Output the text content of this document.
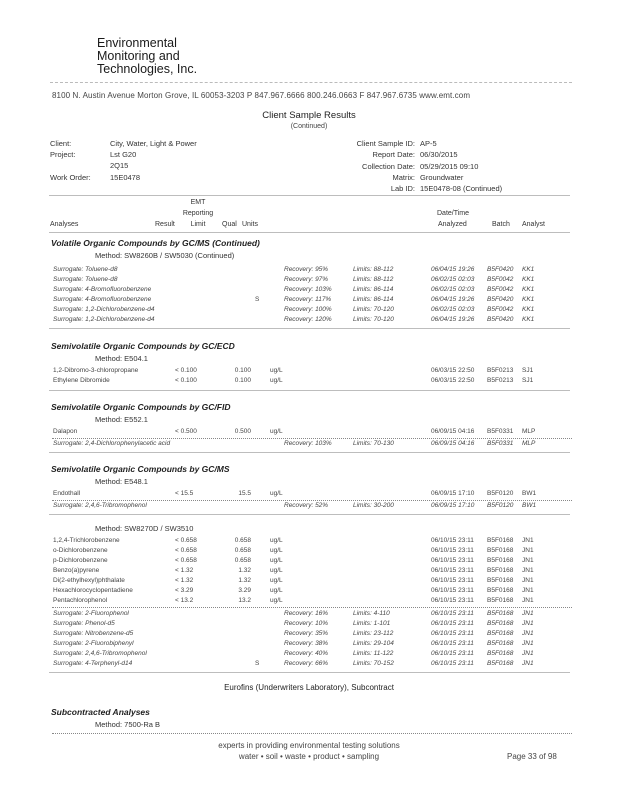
Environmental
Monitoring and
Technologies, Inc.
8100 N. Austin Avenue Morton Grove, IL 60053-3203 P 847.967.6666 800.246.0663 F 847.967.6735 www.emt.com
Client Sample Results
(Continued)
Client:	City, Water, Light & Power
Project:	Lst G20
2Q15
Work Order:	15E0478
Client Sample ID: AP-5
Report Date: 06/30/2015
Collection Date: 05/29/2015 09:10
Matrix: Groundwater
Lab ID: 15E0478-08 (Continued)
EMT
Reporting
Limit
Analyses	Result	Qual Units
Date/Time
Analyzed	Batch Analyst
Volatile Organic Compounds by GC/MS (Continued)
Method: SW8260B / SW5030 (Continued)
Surrogate: Toluene-d8	Recovery: 95%	Limits: 88-112	06/04/15 19:26 B5F0420 KK1
Surrogate: Toluene-d8	Recovery: 97%	Limits: 88-112	06/02/15 02:03 B5F0042 KK1
Surrogate: 4-Bromofluorobenzene	Recovery: 103%	Limits: 86-114	06/02/15 02:03 B5F0042 KK1
Surrogate: 4-Bromofluorobenzene	S	Recovery: 117%	Limits: 86-114	06/04/15 19:26 B5F0420 KK1
Surrogate: 1,2-Dichlorobenzene-d4	Recovery: 100%	Limits: 70-120	06/02/15 02:03 B5F0042 KK1
Surrogate: 1,2-Dichlorobenzene-d4	Recovery: 120%	Limits: 70-120	06/04/15 19:26 B5F0420 KK1
Semivolatile Organic Compounds by GC/ECD
Method: E504.1
1,2-Dibromo-3-chloropropane	< 0.100	0.100	ug/L	06/03/15 22:50 B5F0213 SJ1
Ethylene Dibromide	< 0.100	0.100	ug/L	06/03/15 22:50 B5F0213 SJ1
Semivolatile Organic Compounds by GC/FID
Method: E552.1
Dalapon	< 0.500	0.500	ug/L	06/09/15 04:16 B5F0331 MLP
Surrogate: 2,4-Dichlorophenylacetic acid	Recovery: 103%	Limits: 70-130	06/09/15 04:16 B5F0331 MLP
Semivolatile Organic Compounds by GC/MS
Method: E548.1
Endothall	< 15.5	15.5	ug/L	06/09/15 17:10 B5F0120 BW1
Surrogate: 2,4,6-Tribromophenol	Recovery: 52%	Limits: 30-200	06/09/15 17:10 B5F0120 BW1
Method: SW8270D / SW3510
1,2,4-Trichlorobenzene	< 0.658	0.658	ug/L	06/10/15 23:11 B5F0168 JN1
o-Dichlorobenzene	< 0.658	0.658	ug/L	06/10/15 23:11 B5F0168 JN1
p-Dichlorobenzene	< 0.658	0.658	ug/L	06/10/15 23:11 B5F0168 JN1
Benzo(a)pyrene	< 1.32	1.32	ug/L	06/10/15 23:11 B5F0168 JN1
Di(2-ethylhexyl)phthalate	< 1.32	1.32	ug/L	06/10/15 23:11 B5F0168 JN1
Hexachlorocyclopentadiene	< 3.29	3.29	ug/L	06/10/15 23:11 B5F0168 JN1
Pentachlorophenol	< 13.2	13.2	ug/L	06/10/15 23:11 B5F0168 JN1
Surrogate: 2-Fluorophenol	Recovery: 16%	Limits: 4-110	06/10/15 23:11 B5F0168 JN1
Surrogate: Phenol-d5	Recovery: 10%	Limits: 1-101	06/10/15 23:11 B5F0168 JN1
Surrogate: Nitrobenzene-d5	Recovery: 35%	Limits: 23-112	06/10/15 23:11 B5F0168 JN1
Surrogate: 2-Fluorobiphenyl	Recovery: 38%	Limits: 29-104	06/10/15 23:11 B5F0168 JN1
Surrogate: 2,4,6-Tribromophenol	Recovery: 40%	Limits: 11-122	06/10/15 23:11 B5F0168 JN1
Surrogate: 4-Terphenyl-d14	S	Recovery: 66%	Limits: 70-152	06/10/15 23:11 B5F0168 JN1
Eurofins (Underwriters Laboratory), Subcontract
Subcontracted Analyses
Method: 7500-Ra B
experts in providing environmental testing solutions
water • soil • waste • product • sampling	Page 33 of 98
